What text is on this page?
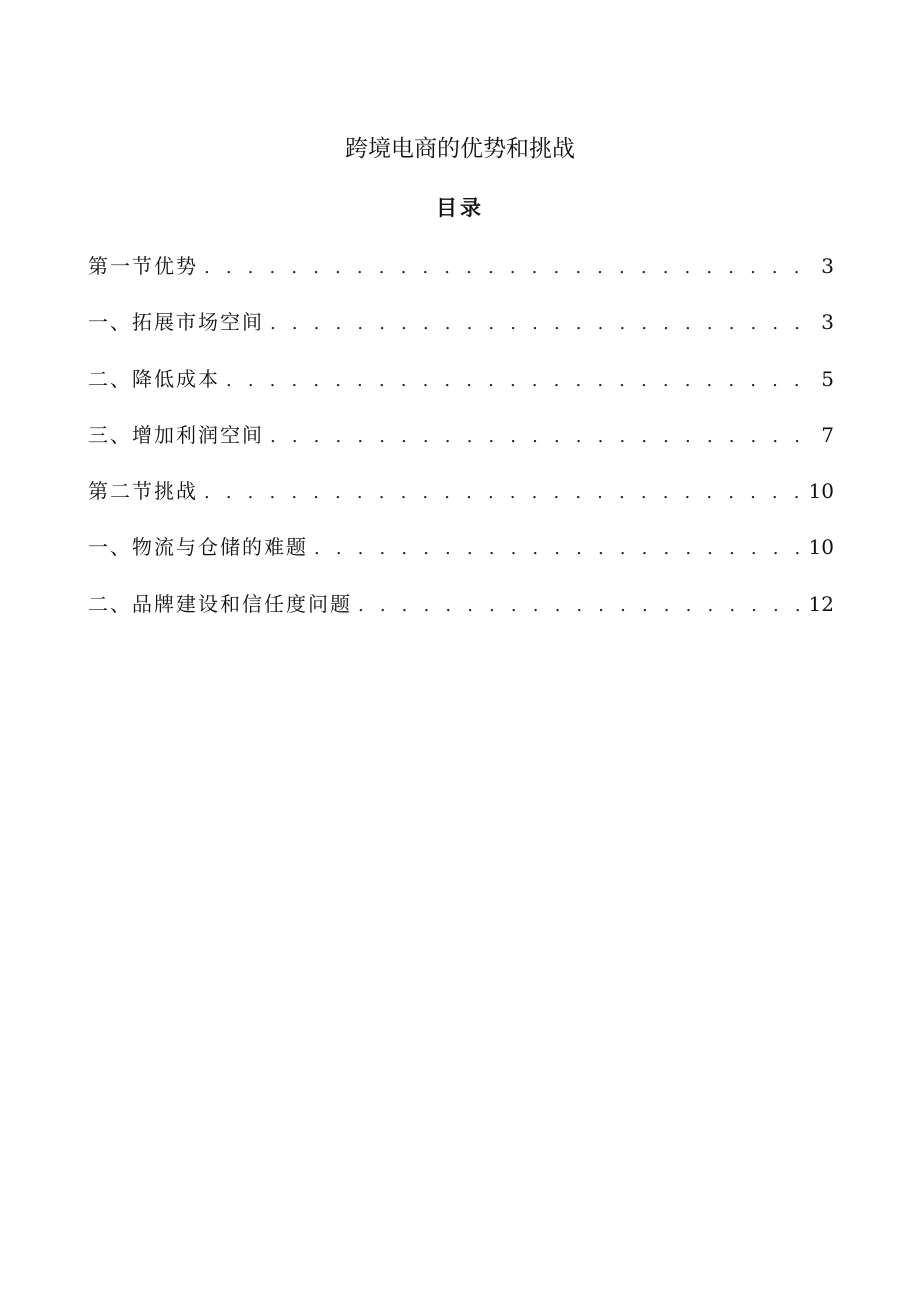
跨境电商的优势和挑战
目录
第一节优势 . . .	3
一、拓展市场空间 . . .	3
二、降低成本 . . .	5
三、增加利润空间 . . .	7
第二节挑战 . . .	10
一、物流与仓储的难题 . . .	10
二、品牌建设和信任度问题 . . .	12
